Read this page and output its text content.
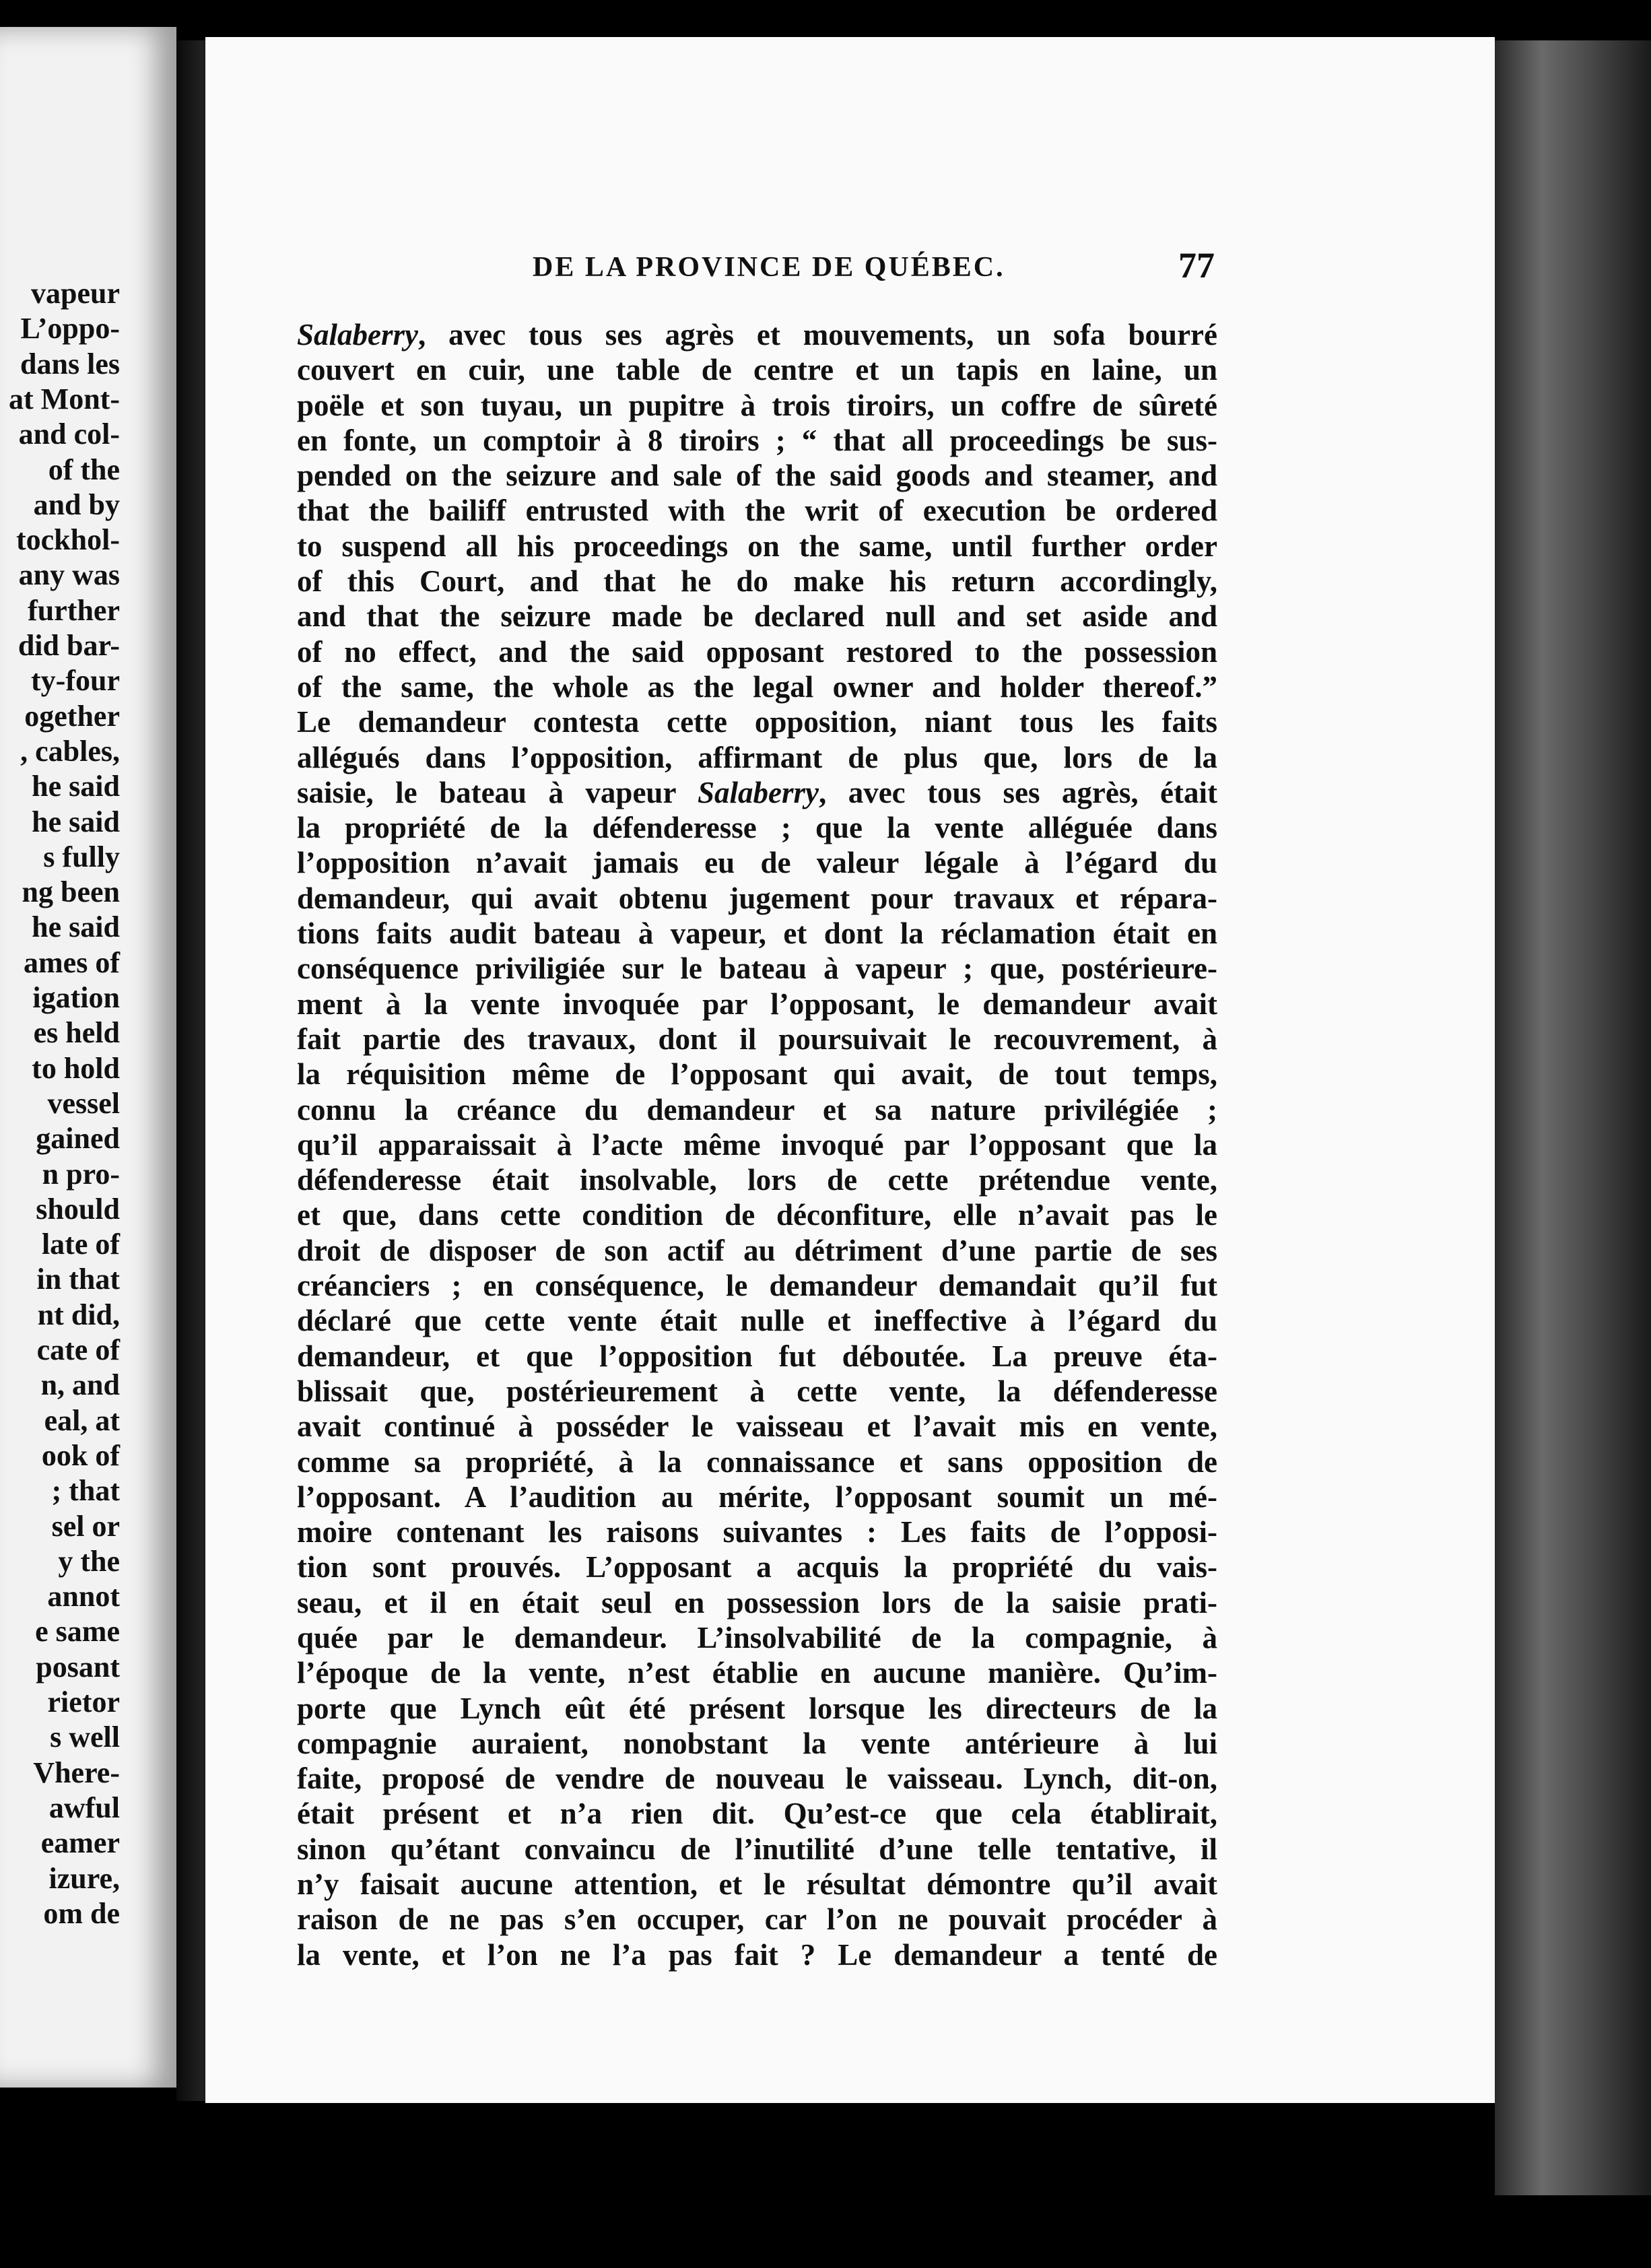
vapeur
L’oppo-
dans les
at Mont-
and col-
of the
and by
tockhol-
any was
further
did bar-
ty-four
ogether
, cables,
he said
he said
s fully
ng been
he said
ames of
igation
es held
to hold
vessel
gained
n pro-
should
late of
in that
nt did,
cate of
n, and
eal, at
ook of
; that
sel or
y the
annot
e same
posant
rietor
s well
Vhere-
awful
eamer
izure,
om de
DE LA PROVINCE DE QUÉBEC.	77
Salaberry, avec tous ses agrès et mouvements, un sofa bourré
couvert en cuir, une table de centre et un tapis en laine, un
poële et son tuyau, un pupitre à trois tiroirs, un coffre de sûreté
en fonte, un comptoir à 8 tiroirs ; “ that all proceedings be sus-
pended on the seizure and sale of the said goods and steamer, and
that the bailiff entrusted with the writ of execution be ordered
to suspend all his proceedings on the same, until further order
of this Court, and that he do make his return accordingly,
and that the seizure made be declared null and set aside and
of no effect, and the said opposant restored to the possession
of the same, the whole as the legal owner and holder thereof.”
Le demandeur contesta cette opposition, niant tous les faits
allégués dans l’opposition, affirmant de plus que, lors de la
saisie, le bateau à vapeur Salaberry, avec tous ses agrès, était
la propriété de la défenderesse ; que la vente alléguée dans
l’opposition n’avait jamais eu de valeur légale à l’égard du
demandeur, qui avait obtenu jugement pour travaux et répara-
tions faits audit bateau à vapeur, et dont la réclamation était en
conséquence priviligiée sur le bateau à vapeur ; que, postérieure-
ment à la vente invoquée par l’opposant, le demandeur avait
fait partie des travaux, dont il poursuivait le recouvrement, à
la réquisition même de l’opposant qui avait, de tout temps,
connu la créance du demandeur et sa nature privilégiée ;
qu’il apparaissait à l’acte même invoqué par l’opposant que la
défenderesse était insolvable, lors de cette prétendue vente,
et que, dans cette condition de déconfiture, elle n’avait pas le
droit de disposer de son actif au détriment d’une partie de ses
créanciers ; en conséquence, le demandeur demandait qu’il fut
déclaré que cette vente était nulle et ineffective à l’égard du
demandeur, et que l’opposition fut déboutée. La preuve éta-
blissait que, postérieurement à cette vente, la défenderesse
avait continué à posséder le vaisseau et l’avait mis en vente,
comme sa propriété, à la connaissance et sans opposition de
l’opposant. A l’audition au mérite, l’opposant soumit un mé-
moire contenant les raisons suivantes : Les faits de l’opposi-
tion sont prouvés. L’opposant a acquis la propriété du vais-
seau, et il en était seul en possession lors de la saisie prati-
quée par le demandeur. L’insolvabilité de la compagnie, à
l’époque de la vente, n’est établie en aucune manière. Qu’im-
porte que Lynch eût été présent lorsque les directeurs de la
compagnie auraient, nonobstant la vente antérieure à lui
faite, proposé de vendre de nouveau le vaisseau. Lynch, dit-on,
était présent et n’a rien dit. Qu’est-ce que cela établirait,
sinon qu’étant convaincu de l’inutilité d’une telle tentative, il
n’y faisait aucune attention, et le résultat démontre qu’il avait
raison de ne pas s’en occuper, car l’on ne pouvait procéder à
la vente, et l’on ne l’a pas fait ? Le demandeur a tenté de
